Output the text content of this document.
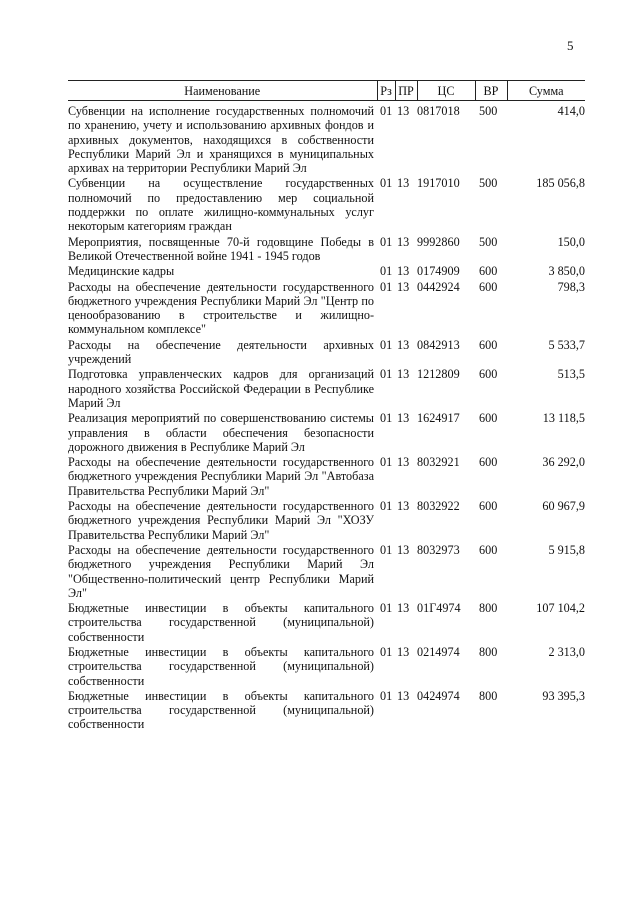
5
Наименование	Рз	ПР	ЦС	ВР	Сумма

Субвенции на исполнение государственных полномочий по хранению, учету и использованию архивных фондов и архивных документов, находящихся в собственности Республики Марий Эл и хранящихся в муниципальных архивах на территории Республики Марий Эл	01	13	0817018	500	414,0
Субвенции на осуществление государственных полномочий по предоставлению мер социальной поддержки по оплате жилищно-коммунальных услуг некоторым категориям граждан	01	13	1917010	500	185 056,8
Мероприятия, посвященные 70-й годовщине Победы в Великой Отечественной войне 1941 - 1945 годов	01	13	9992860	500	150,0
Медицинские кадры	01	13	0174909	600	3 850,0
Расходы на обеспечение деятельности государственного бюджетного учреждения Республики Марий Эл "Центр по ценообразованию в строительстве и жилищно-коммунальном комплексе"	01	13	0442924	600	798,3
Расходы на обеспечение деятельности архивных учреждений	01	13	0842913	600	5 533,7
Подготовка управленческих кадров для организаций народного хозяйства Российской Федерации в Республике Марий Эл	01	13	1212809	600	513,5
Реализация мероприятий по совершенствованию системы управления в области обеспечения безопасности дорожного движения в Республике Марий Эл	01	13	1624917	600	13 118,5
Расходы на обеспечение деятельности государственного бюджетного учреждения Республики Марий Эл "Автобаза Правительства Республики Марий Эл"	01	13	8032921	600	36 292,0
Расходы на обеспечение деятельности государственного бюджетного учреждения Республики Марий Эл "ХОЗУ Правительства Республики Марий Эл"	01	13	8032922	600	60 967,9
Расходы на обеспечение деятельности государственного бюджетного учреждения Республики Марий Эл "Общественно-политический центр Республики Марий Эл"	01	13	8032973	600	5 915,8
Бюджетные инвестиции в объекты капитального строительства государственной (муниципальной) собственности	01	13	01Г4974	800	107 104,2
Бюджетные инвестиции в объекты капитального строительства государственной (муниципальной) собственности	01	13	0214974	800	2 313,0
Бюджетные инвестиции в объекты капитального строительства государственной (муниципальной) собственности	01	13	0424974	800	93 395,3
